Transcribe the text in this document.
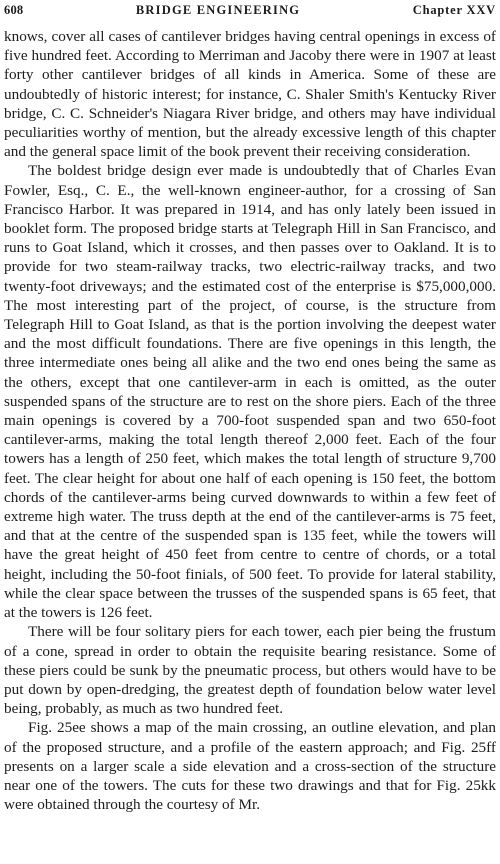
608	BRIDGE ENGINEERING	Chapter XXV

knows, cover all cases of cantilever bridges having central openings in excess of five hundred feet. According to Merriman and Jacoby there were in 1907 at least forty other cantilever bridges of all kinds in America. Some of these are undoubtedly of historic interest; for instance, C. Shaler Smith's Kentucky River bridge, C. C. Schneider's Niagara River bridge, and others may have individual peculiarities worthy of mention, but the already excessive length of this chapter and the general space limit of the book prevent their receiving consideration.

The boldest bridge design ever made is undoubtedly that of Charles Evan Fowler, Esq., C. E., the well-known engineer-author, for a crossing of San Francisco Harbor. It was prepared in 1914, and has only lately been issued in booklet form. The proposed bridge starts at Telegraph Hill in San Francisco, and runs to Goat Island, which it crosses, and then passes over to Oakland. It is to provide for two steam-railway tracks, two electric-railway tracks, and two twenty-foot driveways; and the estimated cost of the enterprise is $75,000,000. The most interesting part of the project, of course, is the structure from Telegraph Hill to Goat Island, as that is the portion involving the deepest water and the most difficult foundations. There are five openings in this length, the three intermediate ones being all alike and the two end ones being the same as the others, except that one cantilever-arm in each is omitted, as the outer suspended spans of the structure are to rest on the shore piers. Each of the three main openings is covered by a 700-foot suspended span and two 650-foot cantilever-arms, making the total length thereof 2,000 feet. Each of the four towers has a length of 250 feet, which makes the total length of structure 9,700 feet. The clear height for about one half of each opening is 150 feet, the bottom chords of the cantilever-arms being curved downwards to within a few feet of extreme high water. The truss depth at the end of the cantilever-arms is 75 feet, and that at the centre of the suspended span is 135 feet, while the towers will have the great height of 450 feet from centre to centre of chords, or a total height, including the 50-foot finials, of 500 feet. To provide for lateral stability, while the clear space between the trusses of the suspended spans is 65 feet, that at the towers is 126 feet.

There will be four solitary piers for each tower, each pier being the frustum of a cone, spread in order to obtain the requisite bearing resistance. Some of these piers could be sunk by the pneumatic process, but others would have to be put down by open-dredging, the greatest depth of foundation below water level being, probably, as much as two hundred feet.

Fig. 25ee shows a map of the main crossing, an outline elevation, and plan of the proposed structure, and a profile of the eastern approach; and Fig. 25ff presents on a larger scale a side elevation and a cross-section of the structure near one of the towers. The cuts for these two drawings and that for Fig. 25kk were obtained through the courtesy of Mr.
